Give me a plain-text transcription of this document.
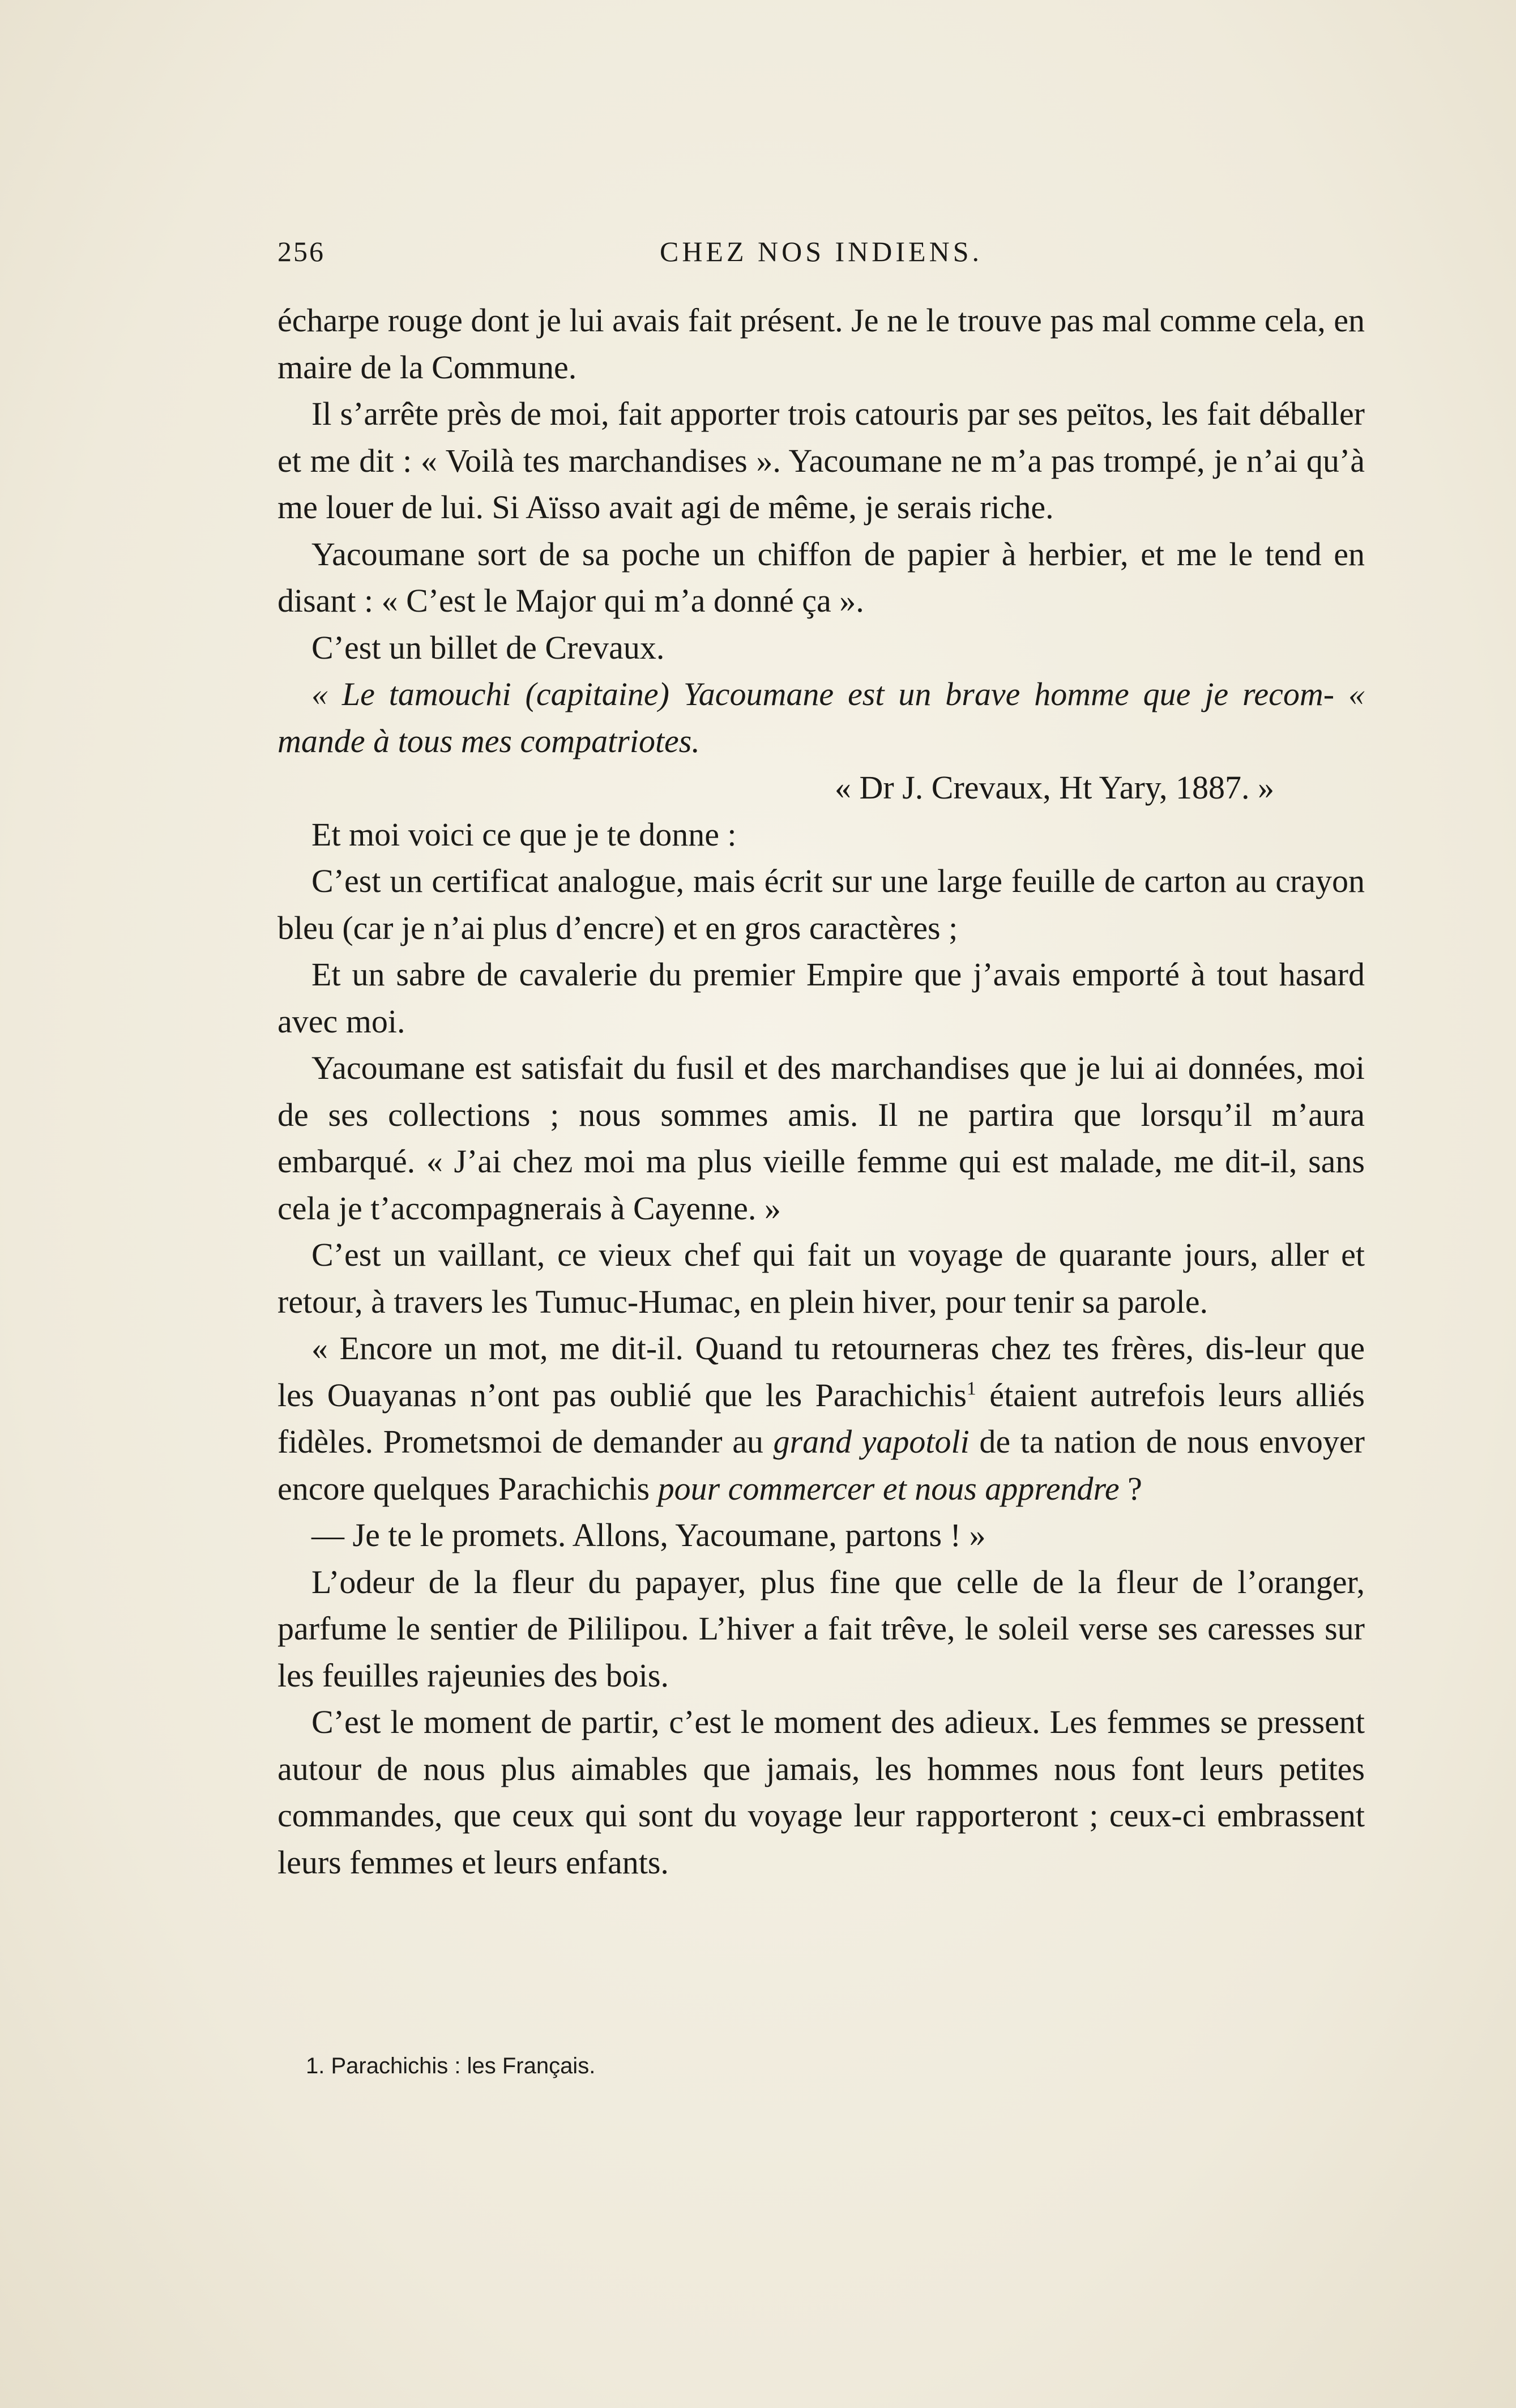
256	CHEZ NOS INDIENS.

écharpe rouge dont je lui avais fait présent. Je ne le trouve pas mal comme cela, en maire de la Commune.

Il s’arrête près de moi, fait apporter trois catouris par ses peïtos, les fait déballer et me dit : « Voilà tes marchandises ». Yacoumane ne m’a pas trompé, je n’ai qu’à me louer de lui. Si Aïsso avait agi de même, je serais riche.

Yacoumane sort de sa poche un chiffon de papier à herbier, et me le tend en disant : « C’est le Major qui m’a donné ça ».

C’est un billet de Crevaux.

« Le tamouchi (capitaine) Yacoumane est un brave homme que je recom- « mande à tous mes compatriotes.

« Dr J. Crevaux, Ht Yary, 1887. »

Et moi voici ce que je te donne :

C’est un certificat analogue, mais écrit sur une large feuille de carton au crayon bleu (car je n’ai plus d’encre) et en gros caractères ;

Et un sabre de cavalerie du premier Empire que j’avais emporté à tout hasard avec moi.

Yacoumane est satisfait du fusil et des marchandises que je lui ai données, moi de ses collections ; nous sommes amis. Il ne partira que lorsqu’il m’aura embarqué. « J’ai chez moi ma plus vieille femme qui est malade, me dit-il, sans cela je t’accompagnerais à Cayenne. »

C’est un vaillant, ce vieux chef qui fait un voyage de quarante jours, aller et retour, à travers les Tumuc-Humac, en plein hiver, pour tenir sa parole.

« Encore un mot, me dit-il. Quand tu retourneras chez tes frères, dis-leur que les Ouayanas n’ont pas oublié que les Parachichis$^1$ étaient autrefois leurs alliés fidèles. Prometsmoi de demander au grand yapotoli de ta nation de nous envoyer encore quelques Parachichis pour commercer et nous apprendre ?

— Je te le promets. Allons, Yacoumane, partons ! »

L’odeur de la fleur du papayer, plus fine que celle de la fleur de l’oranger, parfume le sentier de Pililipou. L’hiver a fait trêve, le soleil verse ses caresses sur les feuilles rajeunies des bois.

C’est le moment de partir, c’est le moment des adieux. Les femmes se pressent autour de nous plus aimables que jamais, les hommes nous font leurs petites commandes, que ceux qui sont du voyage leur rapporteront ; ceux-ci embrassent leurs femmes et leurs enfants.

1. Parachichis : les Français.
